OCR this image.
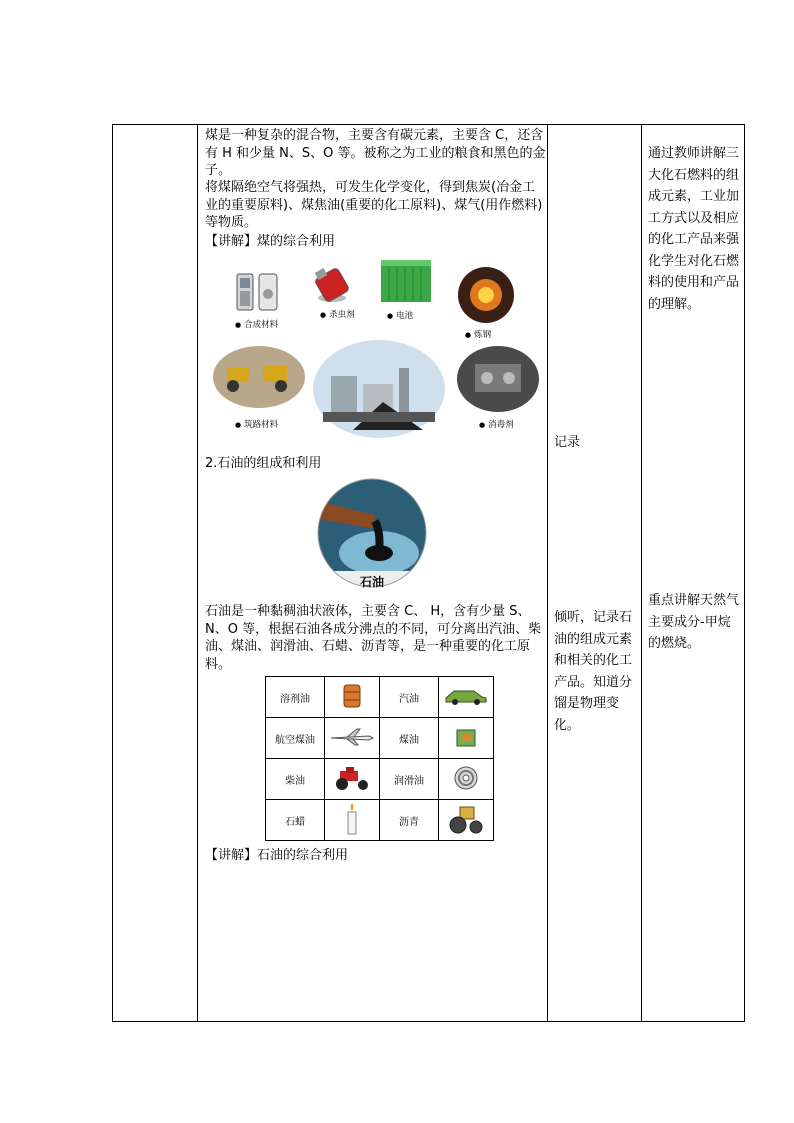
煤是一种复杂的混合物，主要含有碳元素，主要含 C，还含有 H 和少量 N、S、O 等。被称之为工业的粮食和黑色的金子。

将煤隔绝空气将强热，可发生化学变化，得到焦炭(冶金工业的重要原料)、煤焦油(重要的化工原料)、煤气(用作燃料)等物质。

【讲解】煤的综合利用

● 合成材料
● 杀虫剂	● 电池
● 炼钢
● 筑路材料	● 消毒剂

2.石油的组成和利用

石油

石油是一种黏稠油状液体，主要含 C、 H，含有少量 S、N、O 等，根据石油各成分沸点的不同，可分离出汽油、柴油、煤油、润滑油、石蜡、沥青等，是一种重要的化工原料。

溶剂油		汽油	
航空煤油		煤油	
柴油		润滑油	
石蜡		沥青	

【讲解】石油的综合利用

记录

倾听，记录石油的组成元素和相关的化工产品。知道分馏是物理变化。

通过教师讲解三大化石燃料的组成元素，工业加工方式以及相应的化工产品来强化学生对化石燃料的使用和产品的理解。

重点讲解天然气主要成分-甲烷的燃烧。
